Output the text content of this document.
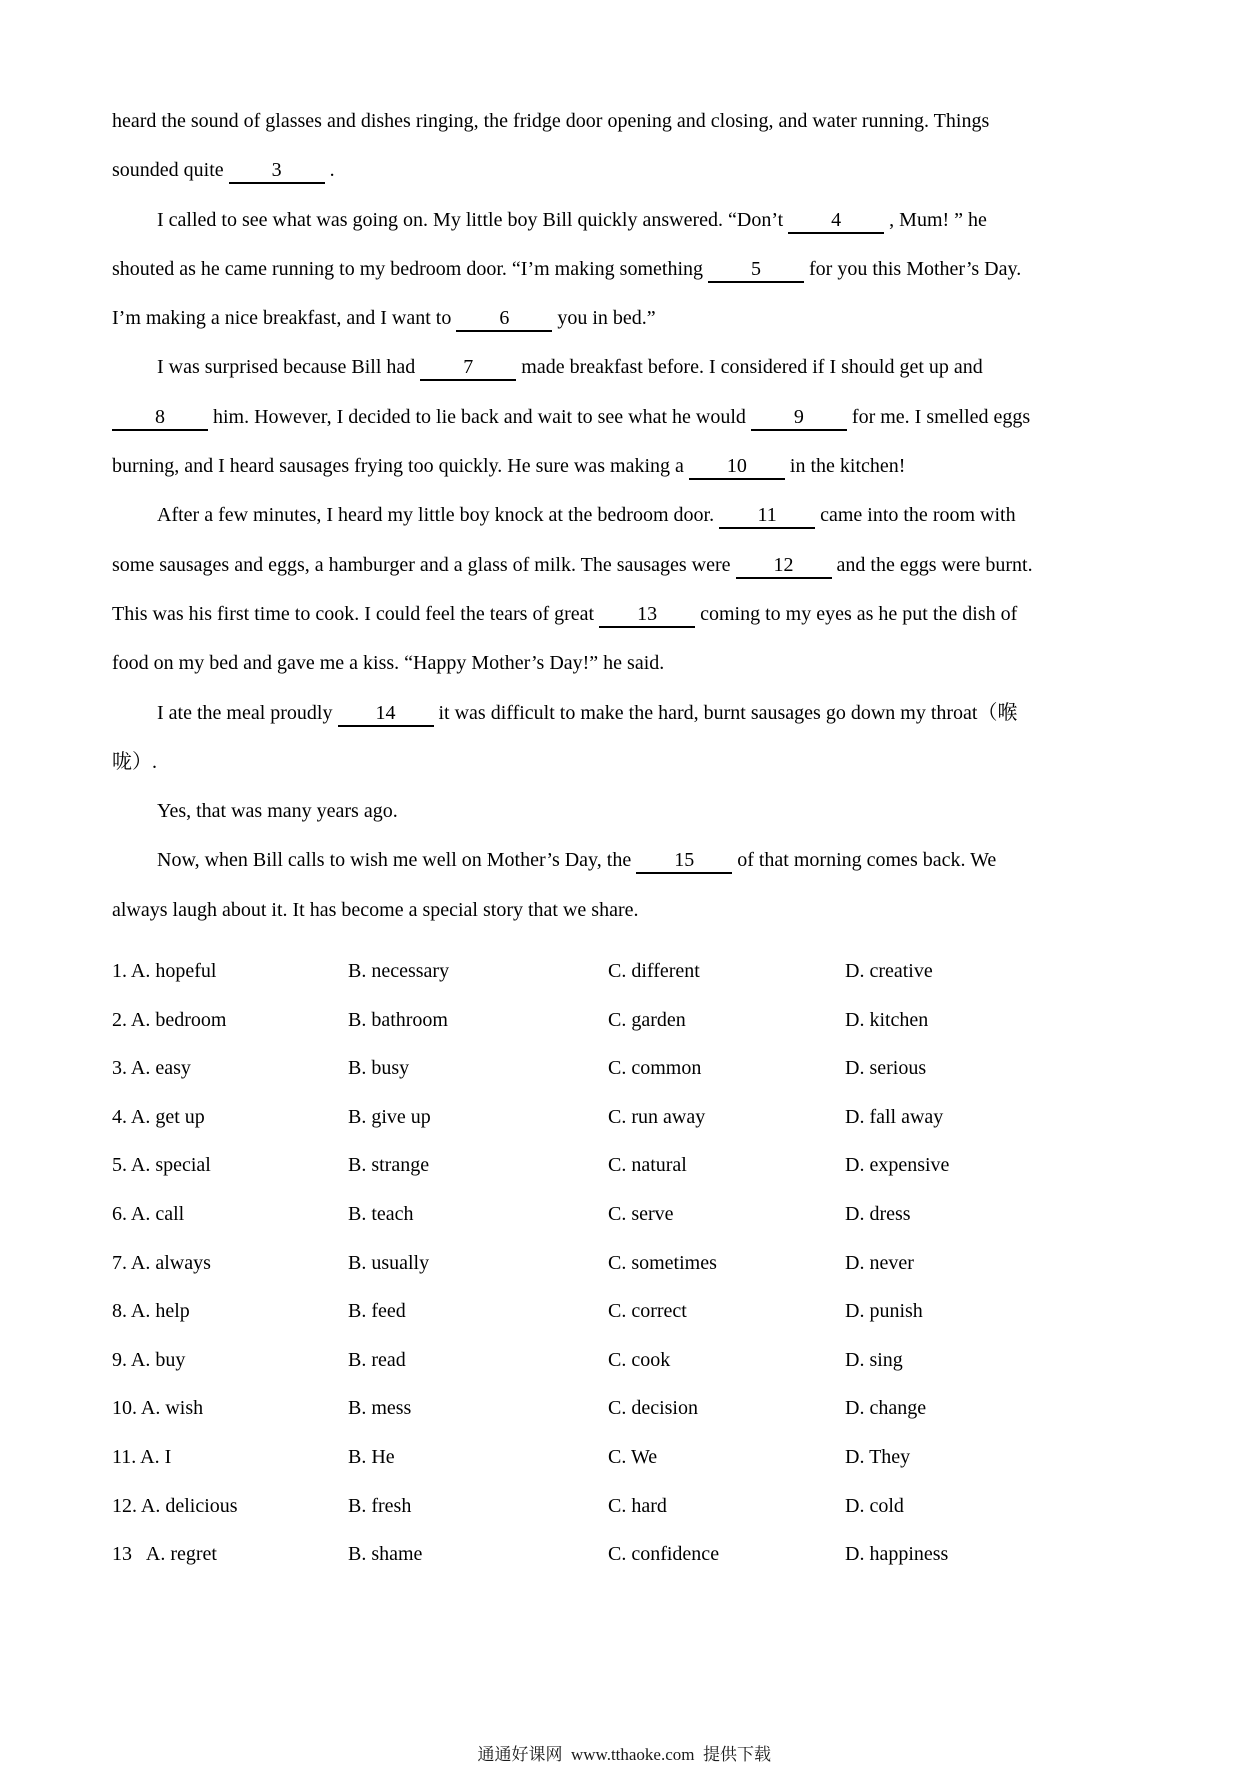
heard the sound of glasses and dishes ringing, the fridge door opening and closing, and water running. Things
sounded quite 3 .
I called to see what was going on. My little boy Bill quickly answered. “Don’t 4 , Mum! ” he
shouted as he came running to my bedroom door. “I’m making something 5 for you this Mother’s Day.
I’m making a nice breakfast, and I want to 6 you in bed.”
I was surprised because Bill had 7 made breakfast before. I considered if I should get up and
8 him. However, I decided to lie back and wait to see what he would 9 for me. I smelled eggs
burning, and I heard sausages frying too quickly. He sure was making a 10 in the kitchen!
After a few minutes, I heard my little boy knock at the bedroom door. 11 came into the room with
some sausages and eggs, a hamburger and a glass of milk. The sausages were 12 and the eggs were burnt.
This was his first time to cook. I could feel the tears of great 13 coming to my eyes as he put the dish of
food on my bed and gave me a kiss. “Happy Mother’s Day!” he said.
I ate the meal proudly 14 it was difficult to make the hard, burnt sausages go down my throat（喉
咙）.
Yes, that was many years ago.
Now, when Bill calls to wish me well on Mother’s Day, the 15 of that morning comes back. We
always laugh about it. It has become a special story that we share.
1. A. hopeful	B. necessary	C. different	D. creative
2. A. bedroom	B. bathroom	C. garden	D. kitchen
3. A. easy	B. busy	C. common	D. serious
4. A. get up	B. give up	C. run away	D. fall away
5. A. special	B. strange	C. natural	D. expensive
6. A. call	B. teach	C. serve	D. dress
7. A. always	B. usually	C. sometimes	D. never
8. A. help	B. feed	C. correct	D. punish
9. A. buy	B. read	C. cook	D. sing
10. A. wish	B. mess	C. decision	D. change
11. A. I	B. He	C. We	D. They
12. A. delicious	B. fresh	C. hard	D. cold
13   A. regret	B. shame	C. confidence	D. happiness

通通好课网  www.tthaoke.com  提供下载
